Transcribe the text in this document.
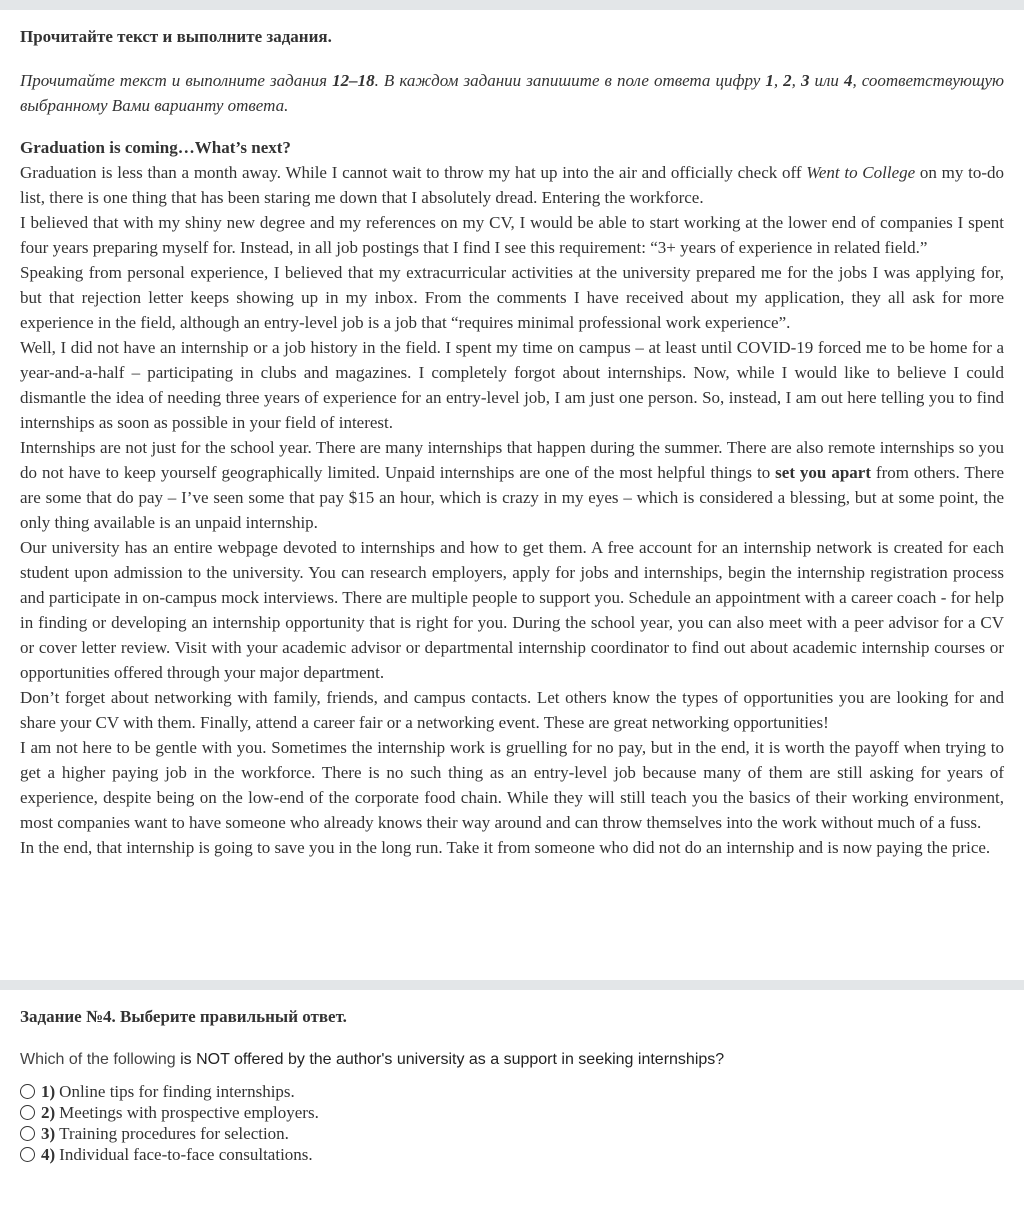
Прочитайте текст и выполните задания.

Прочитайте текст и выполните задания 12–18. В каждом задании запишите в поле ответа цифру 1, 2, 3 или 4, соответствующую выбранному Вами варианту ответа.

Graduation is coming…What’s next?

Graduation is less than a month away. While I cannot wait to throw my hat up into the air and officially check off Went to College on my to-do list, there is one thing that has been staring me down that I absolutely dread. Entering the workforce.

I believed that with my shiny new degree and my references on my CV, I would be able to start working at the lower end of companies I spent four years preparing myself for. Instead, in all job postings that I find I see this requirement: “3+ years of experience in related field.”

Speaking from personal experience, I believed that my extracurricular activities at the university prepared me for the jobs I was applying for, but that rejection letter keeps showing up in my inbox. From the comments I have received about my application, they all ask for more experience in the field, although an entry-level job is a job that “requires minimal professional work experience”.

Well, I did not have an internship or a job history in the field. I spent my time on campus – at least until COVID-19 forced me to be home for a year-and-a-half – participating in clubs and magazines. I completely forgot about internships. Now, while I would like to believe I could dismantle the idea of needing three years of experience for an entry-level job, I am just one person. So, instead, I am out here telling you to find internships as soon as possible in your field of interest.

Internships are not just for the school year. There are many internships that happen during the summer. There are also remote internships so you do not have to keep yourself geographically limited. Unpaid internships are one of the most helpful things to set you apart from others. There are some that do pay – I’ve seen some that pay $15 an hour, which is crazy in my eyes – which is considered a blessing, but at some point, the only thing available is an unpaid internship.

Our university has an entire webpage devoted to internships and how to get them. A free account for an internship network is created for each student upon admission to the university. You can research employers, apply for jobs and internships, begin the internship registration process and participate in on-campus mock interviews. There are multiple people to support you. Schedule an appointment with a career coach - for help in finding or developing an internship opportunity that is right for you. During the school year, you can also meet with a peer advisor for a CV or cover letter review. Visit with your academic advisor or departmental internship coordinator to find out about academic internship courses or opportunities offered through your major department.

Don’t forget about networking with family, friends, and campus contacts. Let others know the types of opportunities you are looking for and share your CV with them. Finally, attend a career fair or a networking event. These are great networking opportunities!

I am not here to be gentle with you. Sometimes the internship work is gruelling for no pay, but in the end, it is worth the payoff when trying to get a higher paying job in the workforce. There is no such thing as an entry-level job because many of them are still asking for years of experience, despite being on the low-end of the corporate food chain. While they will still teach you the basics of their working environment, most companies want to have someone who already knows their way around and can throw themselves into the work without much of a fuss.

In the end, that internship is going to save you in the long run. Take it from someone who did not do an internship and is now paying the price.

Задание №4. Выберите правильный ответ.

Which of the following is NOT offered by the author's university as a support in seeking internships?

1) Online tips for finding internships.
2) Meetings with prospective employers.
3) Training procedures for selection.
4) Individual face-to-face consultations.
